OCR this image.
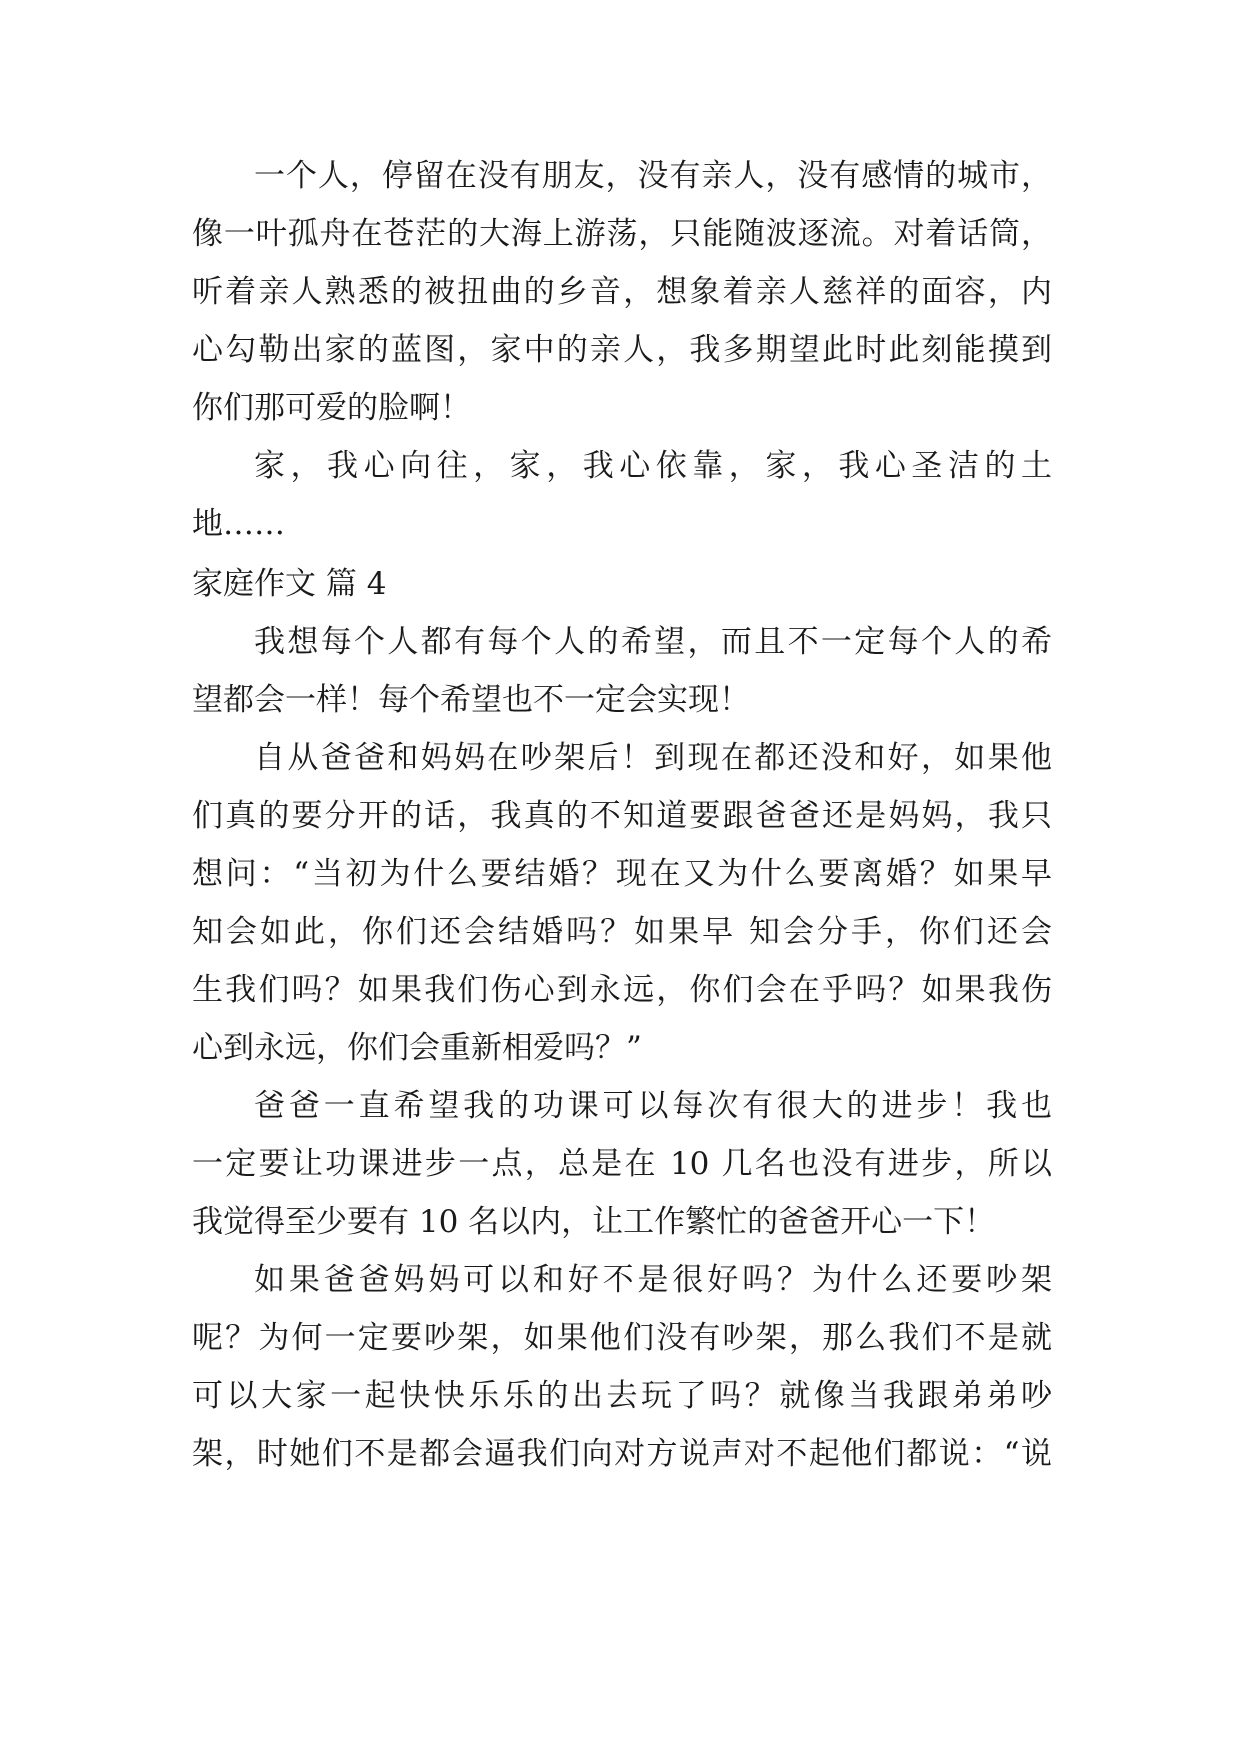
一个人，停留在没有朋友，没有亲人，没有感情的城市，
像一叶孤舟在苍茫的大海上游荡，只能随波逐流。对着话筒，
听着亲人熟悉的被扭曲的乡音，想象着亲人慈祥的面容，内
心勾勒出家的蓝图，家中的亲人，我多期望此时此刻能摸到
你们那可爱的脸啊！
家，我心向往，家，我心依靠，家，我心圣洁的土
地……
家庭作文 篇 4
我想每个人都有每个人的希望，而且不一定每个人的希
望都会一样！每个希望也不一定会实现！
自从爸爸和妈妈在吵架后！到现在都还没和好，如果他
们真的要分开的话，我真的不知道要跟爸爸还是妈妈，我只
想问：“当初为什么要结婚？现在又为什么要离婚？如果早
知会如此，你们还会结婚吗？如果早 知会分手，你们还会
生我们吗？如果我们伤心到永远，你们会在乎吗？如果我伤
心到永远，你们会重新相爱吗？”
爸爸一直希望我的功课可以每次有很大的进步！我也
一定要让功课进步一点，总是在 10 几名也没有进步，所以
我觉得至少要有 10 名以内，让工作繁忙的爸爸开心一下！
如果爸爸妈妈可以和好不是很好吗？为什么还要吵架
呢？为何一定要吵架，如果他们没有吵架，那么我们不是就
可以大家一起快快乐乐的出去玩了吗？就像当我跟弟弟吵
架，时她们不是都会逼我们向对方说声对不起他们都说：“说
